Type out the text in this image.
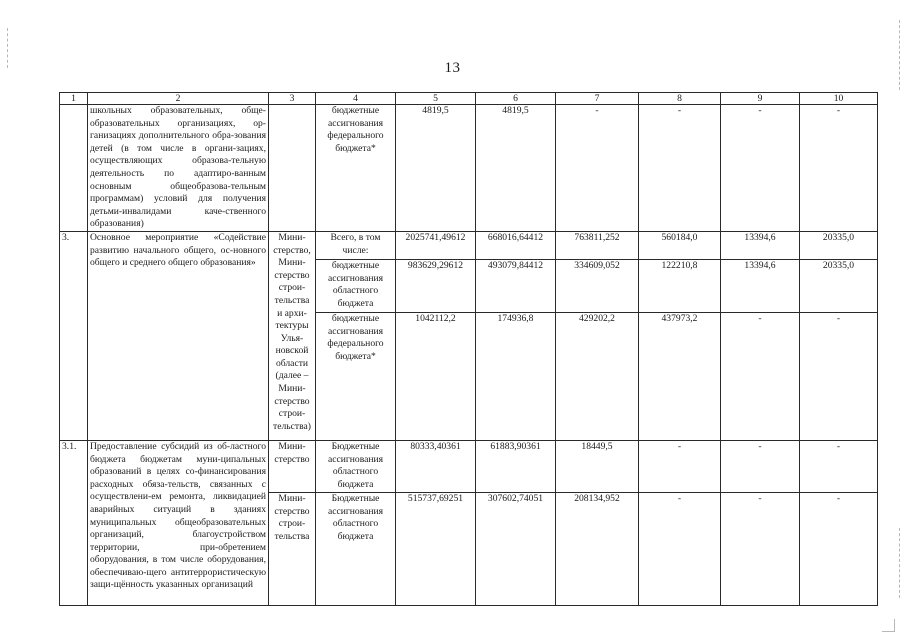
13
1	2	3	4	5	6	7	8	9	10
	школьных образовательных, обще-образовательных организациях, ор-ганизациях дополнительного обра-зования детей (в том числе в органи-зациях, осуществляющих образова-тельную деятельность по адаптиро-ванным основным общеобразова-тельным программам) условий для получения детьми-инвалидами каче-ственного образования)		бюджетные ассигнования федерального бюджета*	4819,5	4819,5	-	-	-	-
3.	Основное мероприятие «Содействие развитию начального общего, ос-новного общего и среднего общего образования»	Мини-стерство, Мини-стерство строи-тельства и архи-тектуры Улья-новской области (далее – Мини-стерство строи-тельства)	Всего, в том числе:	2025741,49612	668016,64412	763811,252	560184,0	13394,6	20335,0
			бюджетные ассигнования областного бюджета	983629,29612	493079,84412	334609,052	122210,8	13394,6	20335,0
			бюджетные ассигнования федерального бюджета*	1042112,2	174936,8	429202,2	437973,2	-	-
3.1.	Предоставление субсидий из об-ластного бюджета бюджетам муни-ципальных образований в целях со-финансирования расходных обяза-тельств, связанных с осуществлени-ем ремонта, ликвидацией аварийных ситуаций в зданиях муниципальных общеобразовательных организаций, благоустройством территории, при-обретением оборудования, в том числе оборудования, обеспечиваю-щего антитеррористическую защи-щённость указанных организаций	Мини-стерство	Бюджетные ассигнования областного бюджета	80333,40361	61883,90361	18449,5	-	-	-
		Мини-стерство строи-тельства	Бюджетные ассигнования областного бюджета	515737,69251	307602,74051	208134,952	-	-	-
